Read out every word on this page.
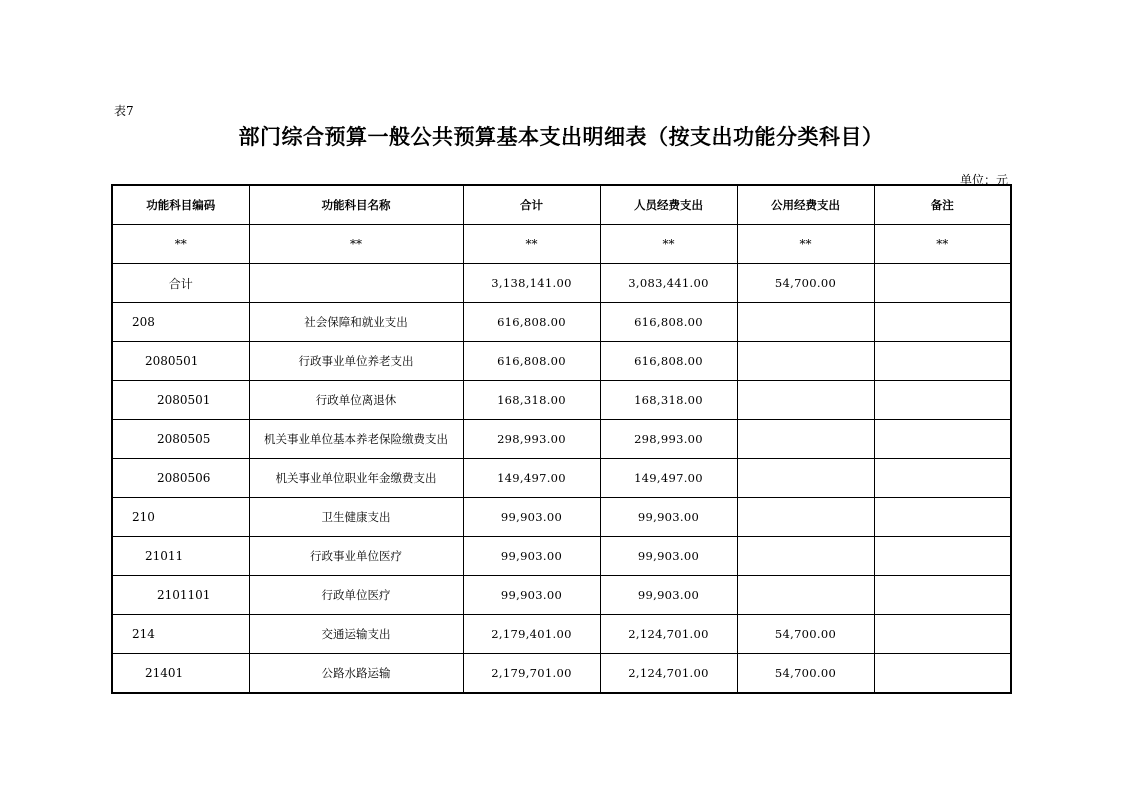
表7
部门综合预算一般公共预算基本支出明细表（按支出功能分类科目）
单位：元
功能科目编码	功能科目名称	合计	人员经费支出	公用经费支出	备注
**	**	**	**	**	**
合计		3,138,141.00	3,083,441.00	54,700.00	
208	社会保障和就业支出	616,808.00	616,808.00		
2080501	行政事业单位养老支出	616,808.00	616,808.00		
2080501	行政单位离退休	168,318.00	168,318.00		
2080505	机关事业单位基本养老保险缴费支出	298,993.00	298,993.00		
2080506	机关事业单位职业年金缴费支出	149,497.00	149,497.00		
210	卫生健康支出	99,903.00	99,903.00		
21011	行政事业单位医疗	99,903.00	99,903.00		
2101101	行政单位医疗	99,903.00	99,903.00		
214	交通运输支出	2,179,401.00	2,124,701.00	54,700.00	
21401	公路水路运输	2,179,701.00	2,124,701.00	54,700.00	
